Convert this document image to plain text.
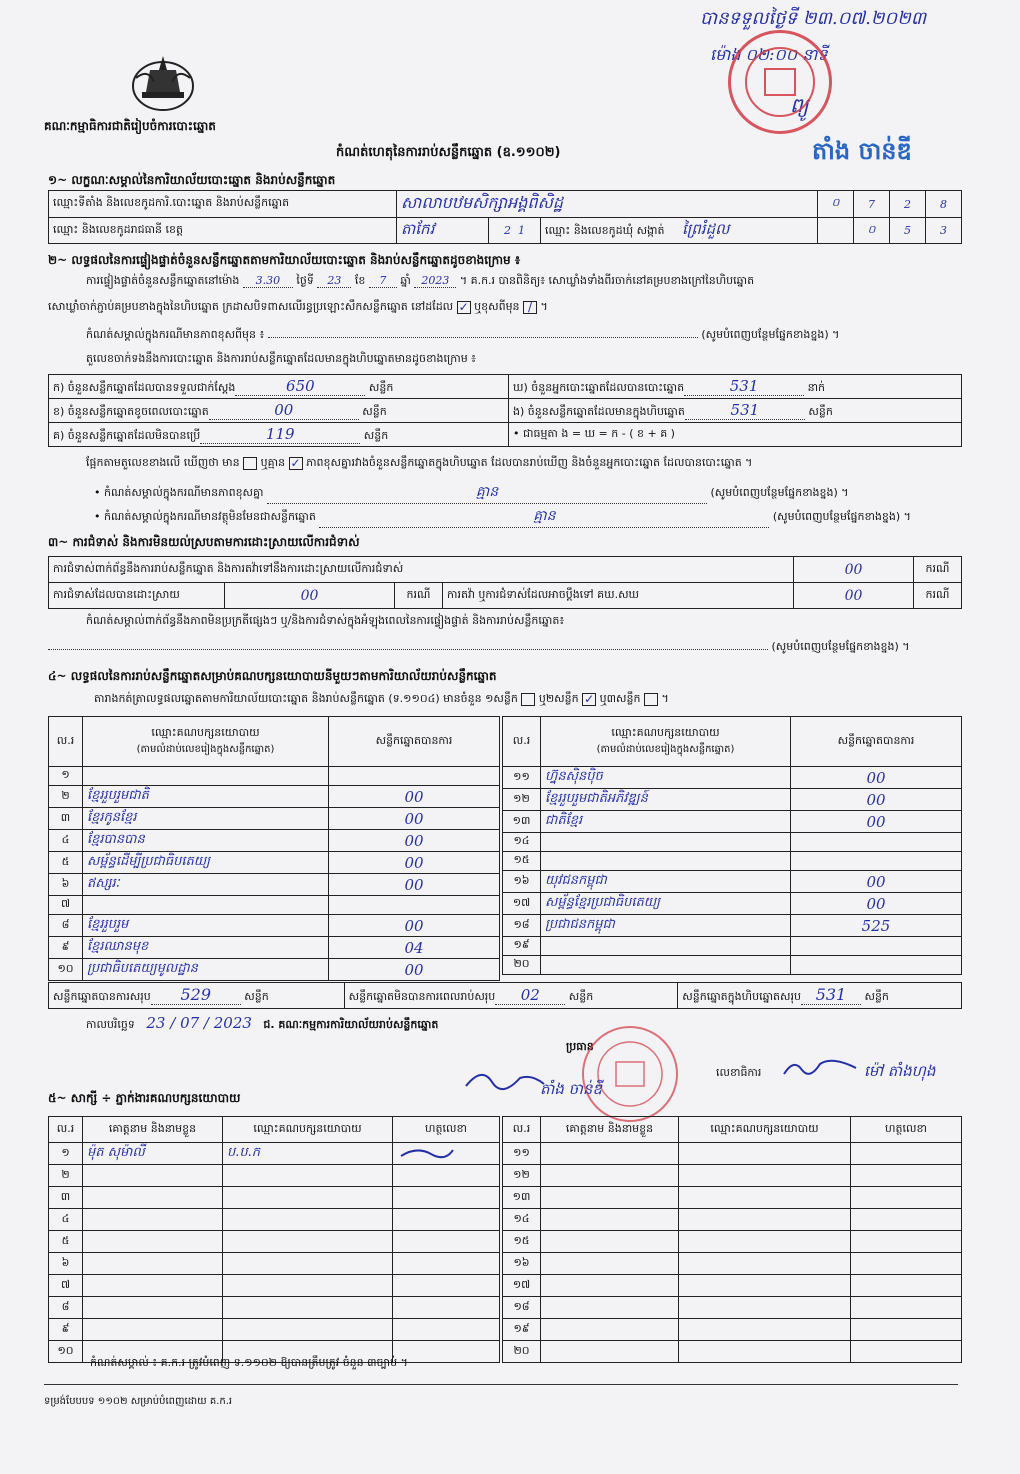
គណៈកម្មាធិការជាតិរៀបចំការបោះឆ្នោត
បានទទួលថ្ងៃទី ២៣.០៧.២០២៣
ម៉ោង ០២:០០ នាទី
ព្យូ
តាំង ចាន់ឌី
កំណត់ហេតុនៃការរាប់សន្លឹកឆ្នោត (ឧ.១១០២)
១~ លក្ខណៈសម្គាល់នៃការិយាល័យបោះឆ្នោត និងរាប់សន្លឹកឆ្នោត
ឈ្មោះទីតាំង និងលេខកូដការិ.បោះឆ្នោត និងរាប់សន្លឹកឆ្នោត	សាលាបឋមសិក្សាអង្គពិសិដ្ឋ			០	7	2	8
ឈ្មោះ និងលេខកូដរាជធានី ខេត្ត	តាកែវ	2 1	ឈ្មោះ និងលេខកូដឃុំ សង្កាត់ ព្រៃរំដួល		០	5	3
២~ លទ្ធផលនៃការផ្ទៀងផ្ទាត់ចំនួនសន្លឹកឆ្នោតតាមការិយាល័យបោះឆ្នោត និងរាប់សន្លឹកឆ្នោតដូចខាងក្រោម ៖
ការផ្ទៀងផ្ទាត់ចំនួនសន្លឹកឆ្នោតនៅម៉ោង 3.30 ថ្ងៃទី 23 ខែ 7 ឆ្នាំ 2023 ។ គ.ក.រ បានពិនិត្យ៖ សោឃ្លាំងទាំងពីរចាក់នៅគម្របខាងក្រៅនៃហិបឆ្នោត
សោឃ្លាំចាក់ភ្ជាប់គម្របខាងក្នុងនៃហិបឆ្នោត ក្រដាសបិទពាសលើរន្ធប្រឡោះសឹកសន្លឹកឆ្នោត នៅដដែល ✓ ឬខុសពីមុន / ។
កំណត់សម្គាល់ក្នុងករណីមានភាពខុសពីមុន ៖	(សូមបំពេញបន្ថែមផ្នែកខាងខ្នង) ។
តួលេខចាក់ទងនឹងការបោះឆ្នោត និងការរាប់សន្លឹកឆ្នោតដែលមានក្នុងហិបឆ្នោតមានដូចខាងក្រោម ៖
ក) ចំនួនសន្លឹកឆ្នោតដែលបានទទួលជាក់ស្តែង 650 សន្លឹក	ឃ) ចំនួនអ្នកបោះឆ្នោតដែលបានបោះឆ្នោត 531 នាក់
ខ) ចំនួនសន្លឹកឆ្នោតខូចពេលបោះឆ្នោត 00 សន្លឹក	ង) ចំនួនសន្លឹកឆ្នោតដែលមានក្នុងហិបឆ្នោត 531 សន្លឹក
គ) ចំនួនសន្លឹកឆ្នោតដែលមិនបានប្រើ 119 សន្លឹក	• ជាធម្មតា ង = ឃ = ក - ( ខ + គ )
ផ្អែកតាមតួលេខខាងលើ ឃើញថា មាន ឬគ្មាន ✓ ភាពខុសគ្នារវាងចំនួនសន្លឹកឆ្នោតក្នុងហិបឆ្នោត ដែលបានរាប់ឃើញ និងចំនួនអ្នកបោះឆ្នោត ដែលបានបោះឆ្នោត ។
• កំណត់សម្គាល់ក្នុងករណីមានភាពខុសគ្នា	គ្មាន	(សូមបំពេញបន្ថែមផ្នែកខាងខ្នង) ។
• កំណត់សម្គាល់ក្នុងករណីមានវត្ថុមិនមែនជាសន្លឹកឆ្នោត	គ្មាន	(សូមបំពេញបន្ថែមផ្នែកខាងខ្នង) ។
៣~ ការជំទាស់ និងការមិនយល់ស្របតាមការដោះស្រាយលើការជំទាស់
ការជំទាស់ពាក់ព័ន្ធនឹងការរាប់សន្លឹកឆ្នោត និងការតវ៉ាទៅនឹងការដោះស្រាយលើការជំទាស់				00	ករណី
ការជំទាស់ដែលបានដោះស្រាយ	00	ករណី	ការតវ៉ា ឬការជំទាស់ដែលអាចប្តឹងទៅ គឃ.សឃ	00	ករណី
កំណត់សម្គាល់ពាក់ព័ន្ធនឹងភាពមិនប្រក្រតីផ្សេងៗ ឬ/និងការជំទាស់ក្នុងអំឡុងពេលនៃការផ្ទៀងផ្ទាត់ និងការរាប់សន្លឹកឆ្នោត៖
(សូមបំពេញបន្ថែមផ្នែកខាងខ្នង) ។
៤~ លទ្ធផលនៃការរាប់សន្លឹកឆ្នោតសម្រាប់គណបក្សនយោបាយនីមួយៗតាមការិយាល័យរាប់សន្លឹកឆ្នោត
តារាងកត់ត្រាលទ្ធផលឆ្នោតតាមការិយាល័យបោះឆ្នោត និងរាប់សន្លឹកឆ្នោត (ទ.១១០៤) មានចំនួន ១សន្លឹក ឬ២សន្លឹក ✓ ឬ៣សន្លឹក ។
ល.រ	ឈ្មោះគណបក្សនយោបាយ
(តាមលំដាប់លេខរៀងក្នុងសន្លឹកឆ្នោត)	សន្លឹកឆ្នោតបានការ
១		
២	ខ្មែររួបរួមជាតិ	00
៣	ខ្មែរកូនខ្មែរ	00
៤	ខ្មែរបានបាន	00
៥	សម្ព័ន្ធដើម្បីប្រជាធិបតេយ្យ	00
៦	ឥស្សរៈ	00
៧		
៨	ខ្មែររួបរួម	00
៩	ខ្មែរឈានមុខ	04
១០	ប្រជាធិបតេយ្យមូលដ្ឋាន	00
ល.រ	ឈ្មោះគណបក្សនយោបាយ
(តាមលំដាប់លេខរៀងក្នុងសន្លឹកឆ្នោត)	សន្លឹកឆ្នោតបានការ
១១	ហ្វ៊ុនស៊ិនប៉ិច	00
១២	ខ្មែររួបរួមជាតិអភិវឌ្ឍន៍	00
១៣	ជាតិខ្មែរ	00
១៤		
១៥		
១៦	យុវជនកម្ពុជា	00
១៧	សម្ព័ន្ធខ្មែរប្រជាធិបតេយ្យ	00
១៨	ប្រជាជនកម្ពុជា	525
១៩		
២០		
សន្លឹកឆ្នោតបានការសរុប 529	សន្លឹក	សន្លឹកឆ្នោតមិនបានការពេលរាប់សរុប 02	សន្លឹក	សន្លឹកឆ្នោតក្នុងហិបឆ្នោតសរុប 531 សន្លឹក
កាលបរិច្ឆេទ 23 / 07 / 2023 ជ. គណៈកម្មការការិយាល័យរាប់សន្លឹកឆ្នោត
ប្រធាន
តាំង ចាន់ឌី
លេខាធិការ	ម៉ៅ តាំងហុង
៥~ សាក្សី ÷ ភ្នាក់ងារគណបក្សនយោបាយ
ល.រ	គោត្តនាម និងនាមខ្លួន	ឈ្មោះគណបក្សនយោបាយ	ហត្ថលេខា
១	ម៉ុត សុម៉ាលី	ប.ប.ក	
២			
៣			
៤			
៥			
៦			
៧			
៨			
៩			
១០			
ល.រ	គោត្តនាម និងនាមខ្លួន	ឈ្មោះគណបក្សនយោបាយ	ហត្ថលេខា
១១			
១២			
១៣			
១៤			
១៥			
១៦			
១៧			
១៨			
១៩			
២០			
កំណត់សម្គាល់ ៖ គ.ក.រ ត្រូវបំពេញ ទ.១១០២ ឱ្យបានត្រឹមត្រូវ ចំនួន ៣ច្បាប់ ។
ទម្រង់បែបបទ ១១០២ សម្រាប់បំពេញដោយ គ.ក.រ
